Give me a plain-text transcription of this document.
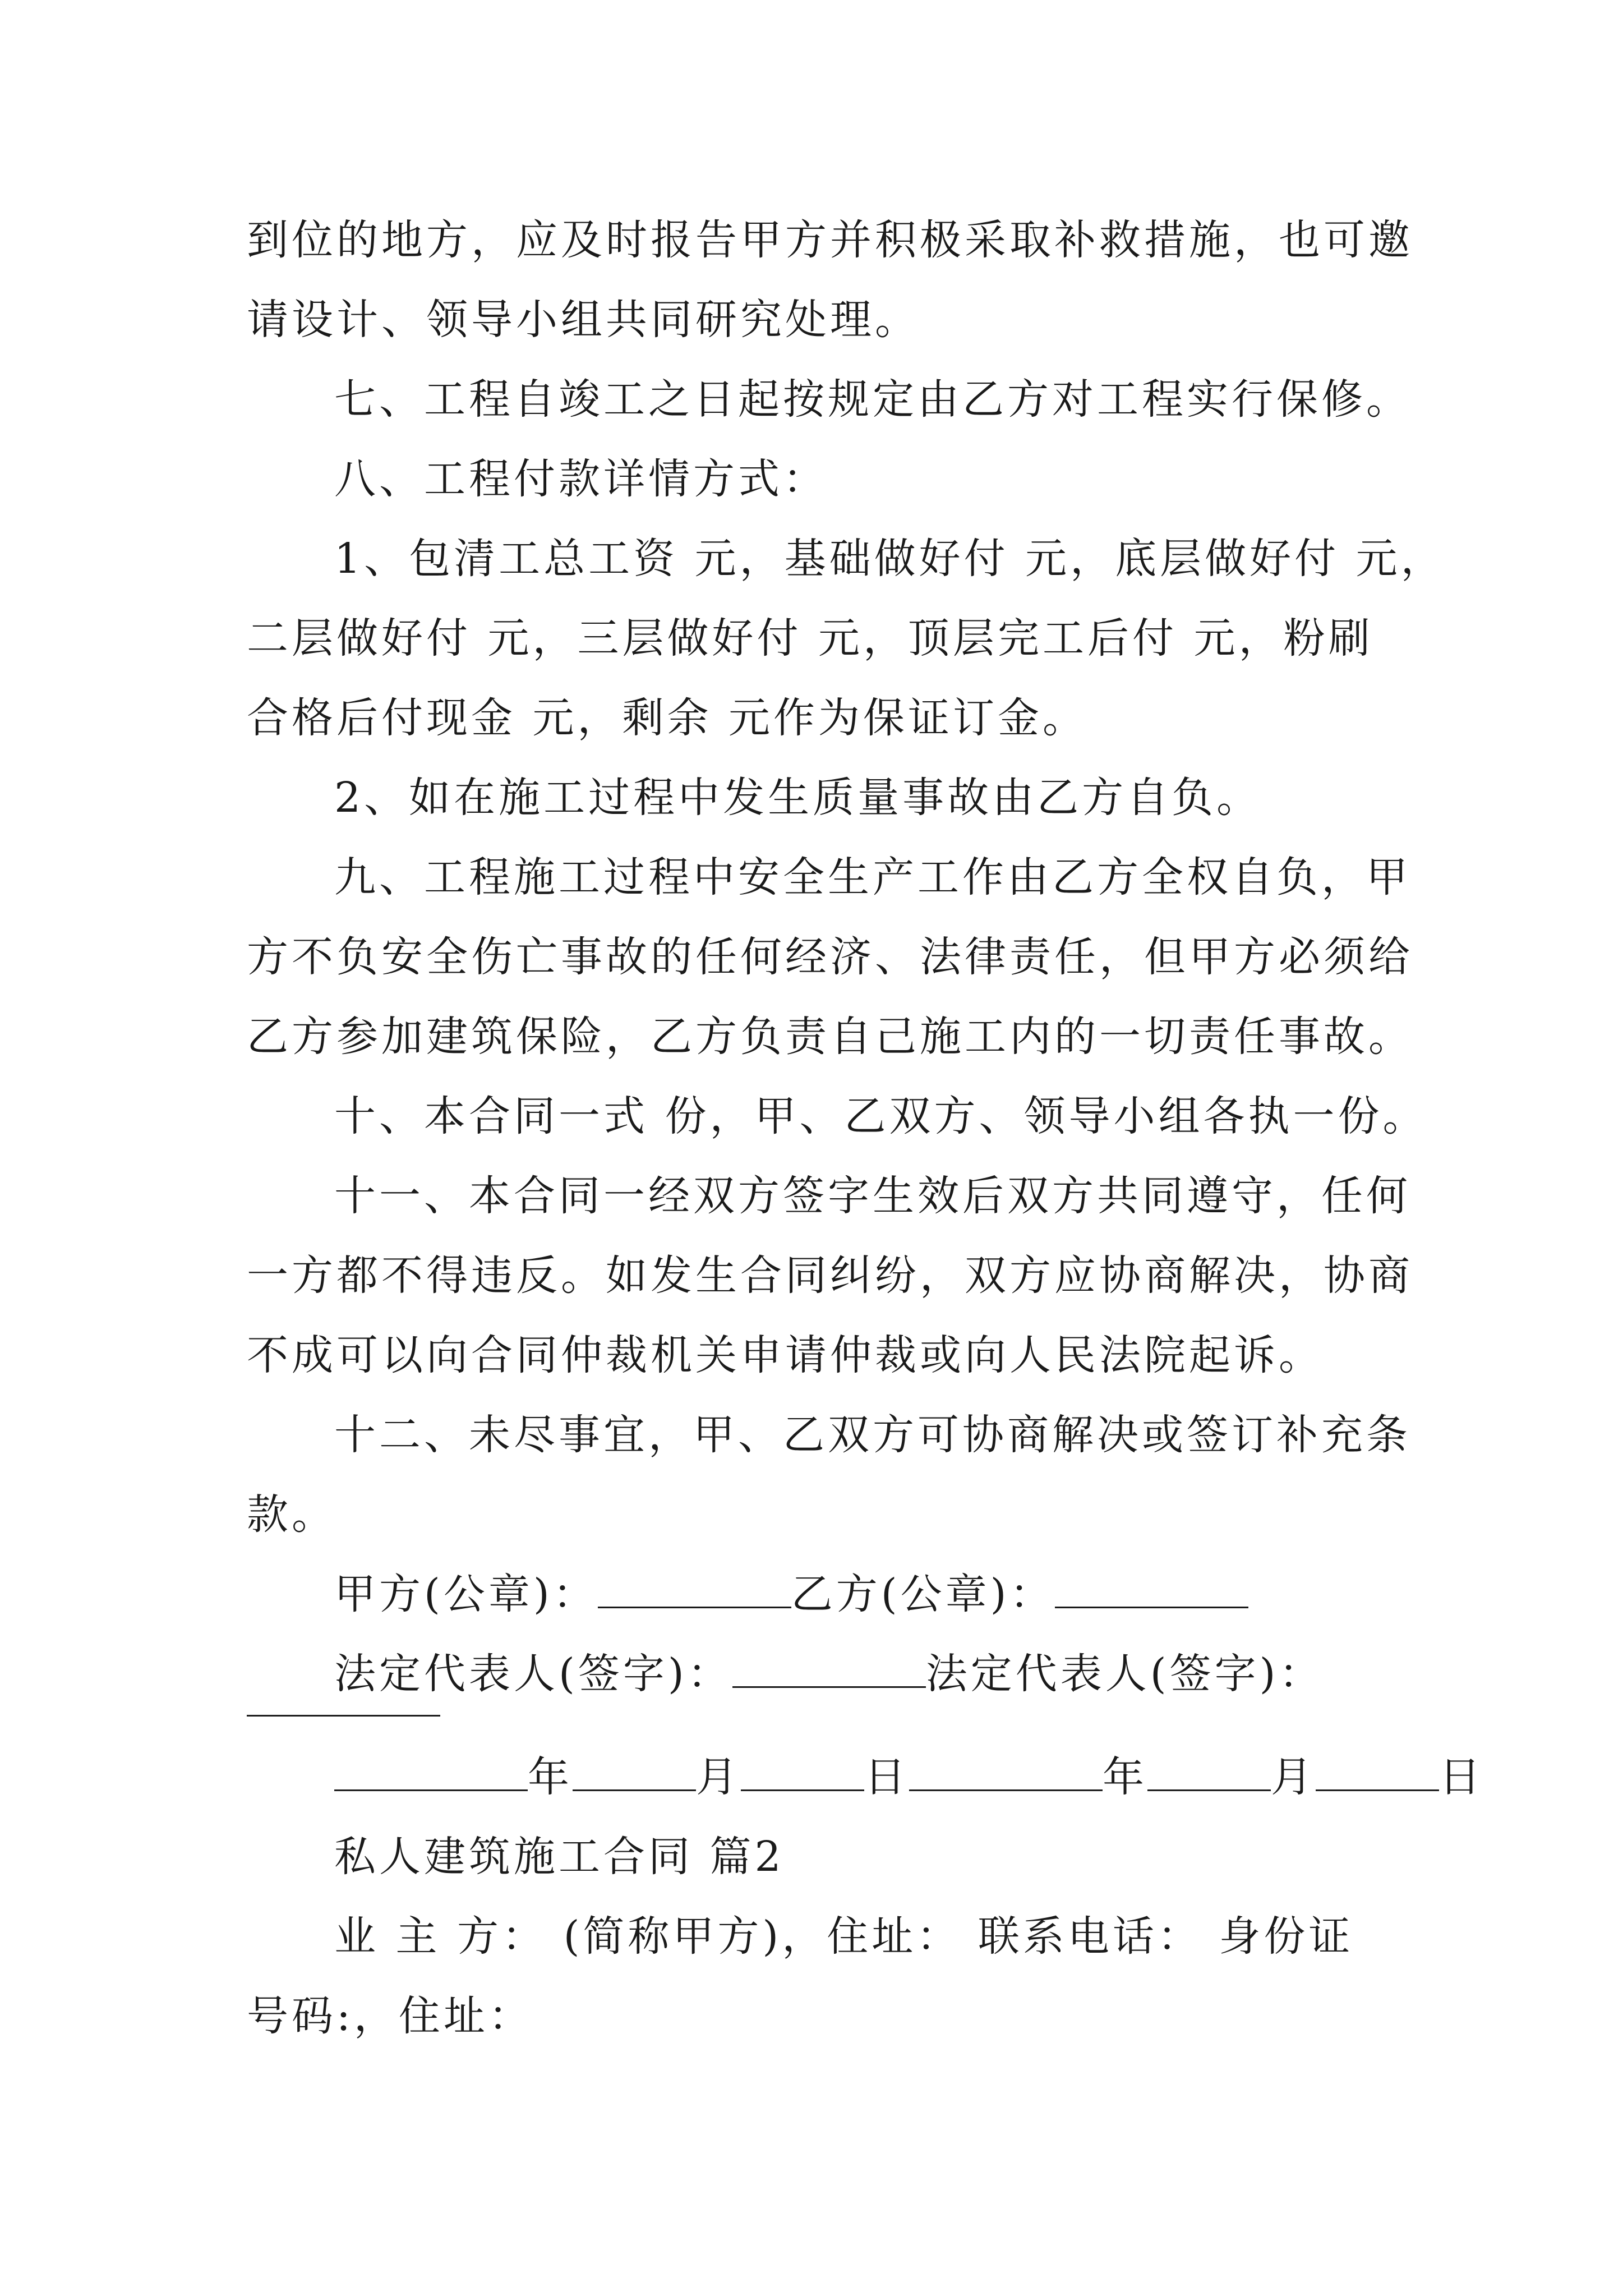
到位的地方，应及时报告甲方并积极采取补救措施，也可邀
请设计、领导小组共同研究处理。
七、工程自竣工之日起按规定由乙方对工程实行保修。
八、工程付款详情方式：
1、包清工总工资 元，基础做好付 元，底层做好付 元，
二层做好付 元，三层做好付 元，顶层完工后付 元，粉刷
合格后付现金 元，剩余 元作为保证订金。
2、如在施工过程中发生质量事故由乙方自负。
九、工程施工过程中安全生产工作由乙方全权自负，甲
方不负安全伤亡事故的任何经济、法律责任，但甲方必须给
乙方参加建筑保险，乙方负责自己施工内的一切责任事故。
十、本合同一式 份，甲、乙双方、领导小组各执一份。
十一、本合同一经双方签字生效后双方共同遵守，任何
一方都不得违反。如发生合同纠纷，双方应协商解决，协商
不成可以向合同仲裁机关申请仲裁或向人民法院起诉。
十二、未尽事宜，甲、乙双方可协商解决或签订补充条
款。
甲方(公章)：	乙方(公章)：
法定代表人(签字)：	法定代表人(签字)：
年	月	日	年	月	日
私人建筑施工合同 篇2
业 主 方： (简称甲方)，住址： 联系电话： 身份证
号码:，住址：
